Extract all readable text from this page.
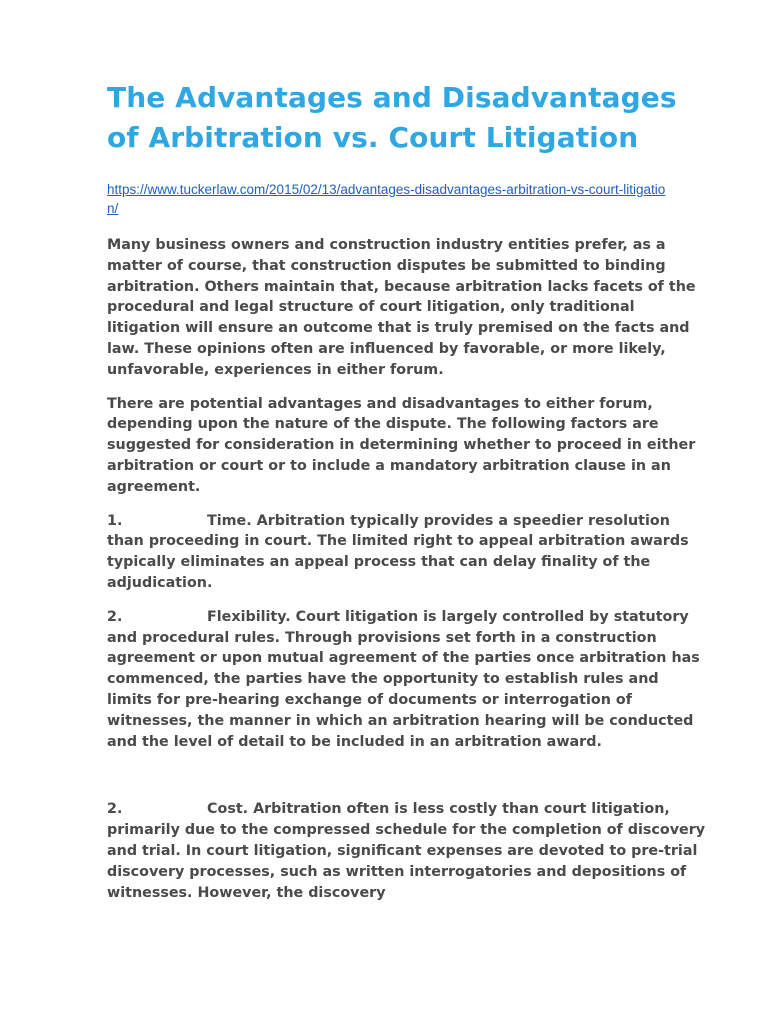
The Advantages and Disadvantages of Arbitration vs. Court Litigation
https://www.tuckerlaw.com/2015/02/13/advantages-disadvantages-arbitration-vs-court-litigation/

Many business owners and construction industry entities prefer, as a matter of course, that construction disputes be submitted to binding arbitration. Others maintain that, because arbitration lacks facets of the procedural and legal structure of court litigation, only traditional litigation will ensure an outcome that is truly premised on the facts and law. These opinions often are influenced by favorable, or more likely, unfavorable, experiences in either forum.

There are potential advantages and disadvantages to either forum, depending upon the nature of the dispute. The following factors are suggested for consideration in determining whether to proceed in either arbitration or court or to include a mandatory arbitration clause in an agreement.

1.	Time. Arbitration typically provides a speedier resolution than proceeding in court. The limited right to appeal arbitration awards typically eliminates an appeal process that can delay finality of the adjudication.

2.	Flexibility. Court litigation is largely controlled by statutory and procedural rules. Through provisions set forth in a construction agreement or upon mutual agreement of the parties once arbitration has commenced, the parties have the opportunity to establish rules and limits for pre-hearing exchange of documents or interrogation of witnesses, the manner in which an arbitration hearing will be conducted and the level of detail to be included in an arbitration award.

2.	Cost. Arbitration often is less costly than court litigation, primarily due to the compressed schedule for the completion of discovery and trial. In court litigation, significant expenses are devoted to pre-trial discovery processes, such as written interrogatories and depositions of witnesses. However, the discovery
